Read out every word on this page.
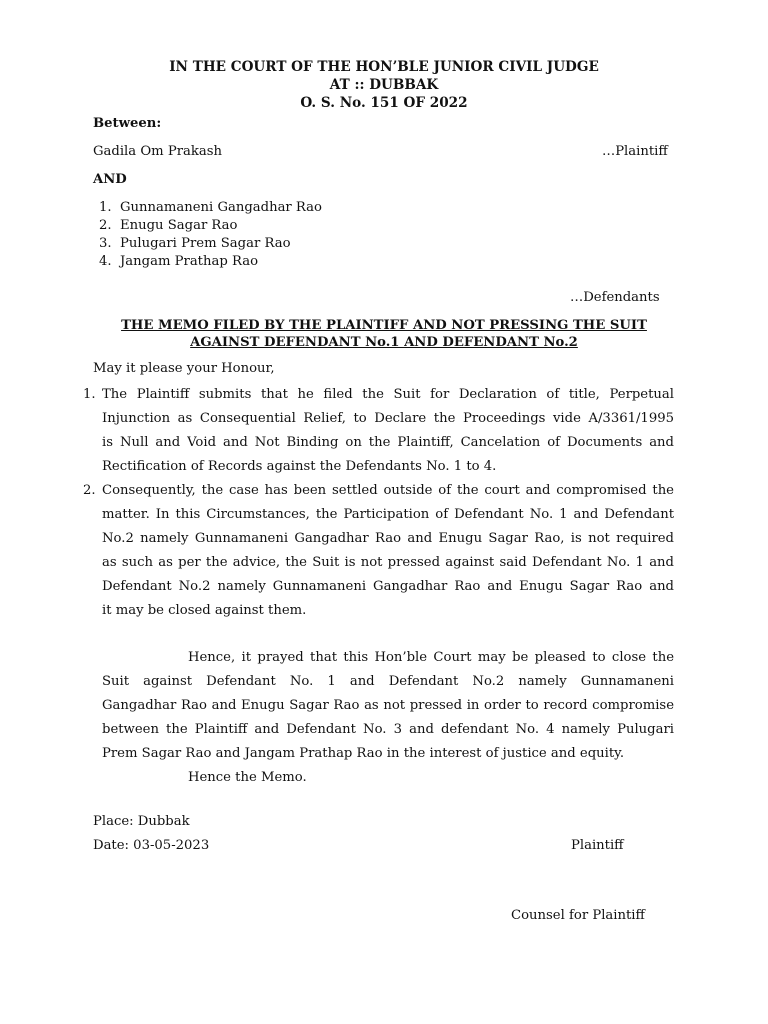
IN THE COURT OF THE HON’BLE JUNIOR CIVIL JUDGE
AT :: DUBBAK
O. S. No. 151 OF 2022
Between:
Gadila Om Prakash	…Plaintiff
AND
1. Gunnamaneni Gangadhar Rao
2. Enugu Sagar Rao
3. Pulugari Prem Sagar Rao
4. Jangam Prathap Rao
…Defendants
THE MEMO FILED BY THE PLAINTIFF AND NOT PRESSING THE SUIT
AGAINST DEFENDANT No.1 AND DEFENDANT No.2
May it please your Honour,
1. The Plaintiff submits that he filed the Suit for Declaration of title, Perpetual
Injunction as Consequential Relief, to Declare the Proceedings vide A/3361/1995
is Null and Void and Not Binding on the Plaintiff, Cancelation of Documents and
Rectification of Records against the Defendants No. 1 to 4.
2. Consequently, the case has been settled outside of the court and compromised the
matter. In this Circumstances, the Participation of Defendant No. 1 and Defendant
No.2 namely Gunnamaneni Gangadhar Rao and Enugu Sagar Rao, is not required
as such as per the advice, the Suit is not pressed against said Defendant No. 1 and
Defendant No.2 namely Gunnamaneni Gangadhar Rao and Enugu Sagar Rao and
it may be closed against them.
Hence, it prayed that this Hon’ble Court may be pleased to close the
Suit against Defendant No. 1 and Defendant No.2 namely Gunnamaneni
Gangadhar Rao and Enugu Sagar Rao as not pressed in order to record compromise
between the Plaintiff and Defendant No. 3 and defendant No. 4 namely Pulugari
Prem Sagar Rao and Jangam Prathap Rao in the interest of justice and equity.
Hence the Memo.
Place: Dubbak
Date: 03-05-2023	Plaintiff
Counsel for Plaintiff
